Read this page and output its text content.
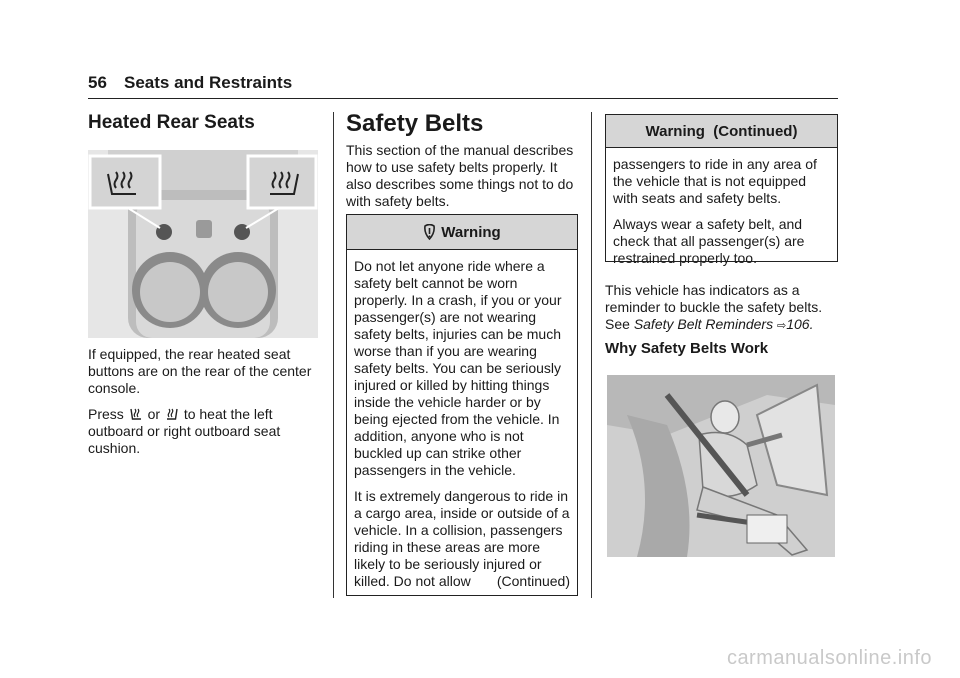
56 Seats and Restraints
Heated Rear Seats

If equipped, the rear heated seat buttons are on the rear of the center console.

Press or to heat the left outboard or right outboard seat cushion.

Safety Belts

This section of the manual describes how to use safety belts properly. It also describes some things not to do with safety belts.

Warning

Do not let anyone ride where a safety belt cannot be worn properly. In a crash, if you or your passenger(s) are not wearing safety belts, injuries can be much worse than if you are wearing safety belts. You can be seriously injured or killed by hitting things inside the vehicle harder or by being ejected from the vehicle. In addition, anyone who is not buckled up can strike other passengers in the vehicle.

It is extremely dangerous to ride in a cargo area, inside or outside of a vehicle. In a collision, passengers riding in these areas are more likely to be seriously injured or killed. Do not allow	(Continued)
Warning  (Continued)

passengers to ride in any area of the vehicle that is not equipped with seats and safety belts.

Always wear a safety belt, and check that all passenger(s) are restrained properly too.

This vehicle has indicators as a reminder to buckle the safety belts. See Safety Belt Reminders ⇨106.

Why Safety Belts Work
carmanualsonline.info
